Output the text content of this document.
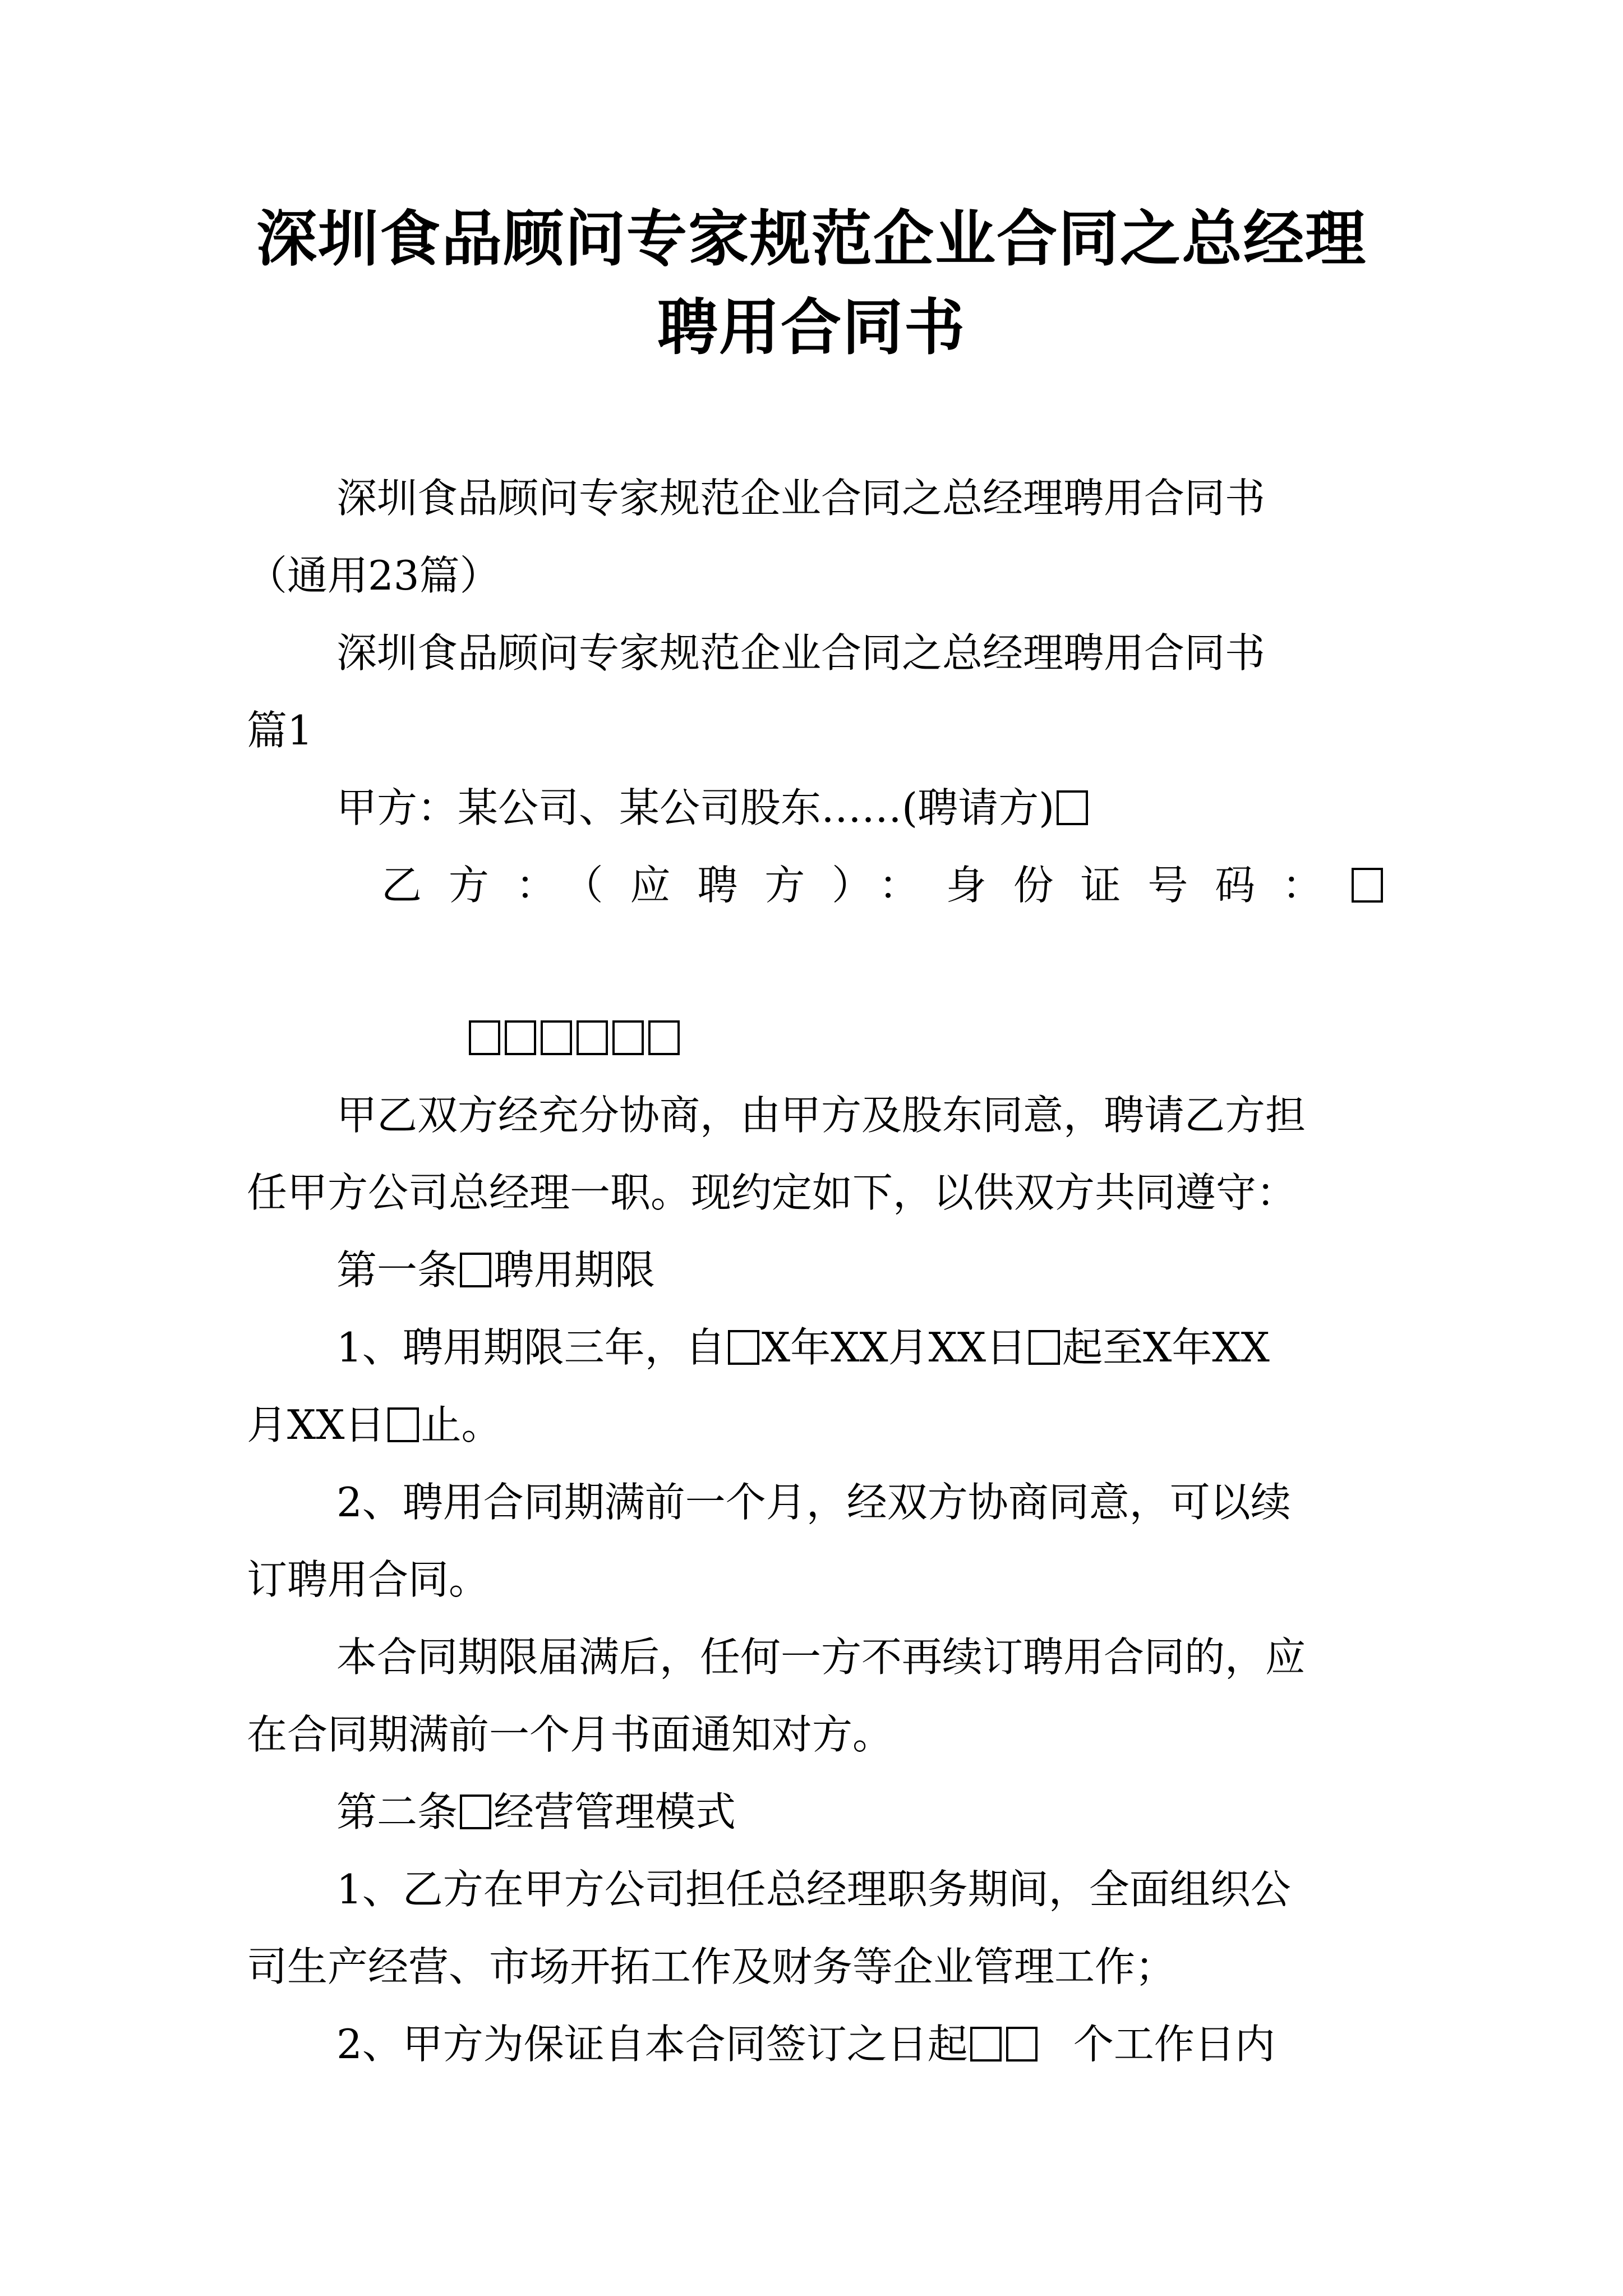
深圳食品顾问专家规范企业合同之总经理
聘用合同书
深圳食品顾问专家规范企业合同之总经理聘用合同书
（通用23篇）
深圳食品顾问专家规范企业合同之总经理聘用合同书
篇1
甲方：某公司、某公司股东……(聘请方)
乙方：（应聘方）：身份证号码：
甲乙双方经充分协商，由甲方及股东同意，聘请乙方担
任甲方公司总经理一职。现约定如下，以供双方共同遵守：
第一条 聘用期限
1、聘用期限三年，自 X年XX月XX日 起至X年XX
月XX日 止。
2、聘用合同期满前一个月，经双方协商同意，可以续
订聘用合同。
本合同期限届满后，任何一方不再续订聘用合同的，应
在合同期满前一个月书面通知对方。
第二条 经营管理模式
1、乙方在甲方公司担任总经理职务期间，全面组织公
司生产经营、市场开拓工作及财务等企业管理工作；
2、甲方为保证自本合同签订之日起	个工作日内
